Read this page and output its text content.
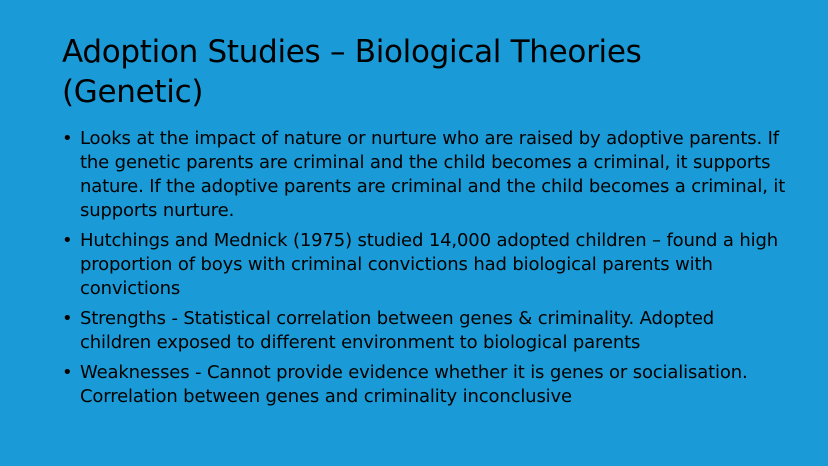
Adoption Studies – Biological Theories (Genetic)
• Looks at the impact of nature or nurture who are raised by adoptive parents. If the genetic parents are criminal and the child becomes a criminal, it supports nature. If the adoptive parents are criminal and the child becomes a criminal, it supports nurture.
• Hutchings and Mednick (1975) studied 14,000 adopted children – found a high proportion of boys with criminal convictions had biological parents with convictions
• Strengths - Statistical correlation between genes & criminality. Adopted children exposed to different environment to biological parents
• Weaknesses - Cannot provide evidence whether it is genes or socialisation. Correlation between genes and criminality inconclusive
